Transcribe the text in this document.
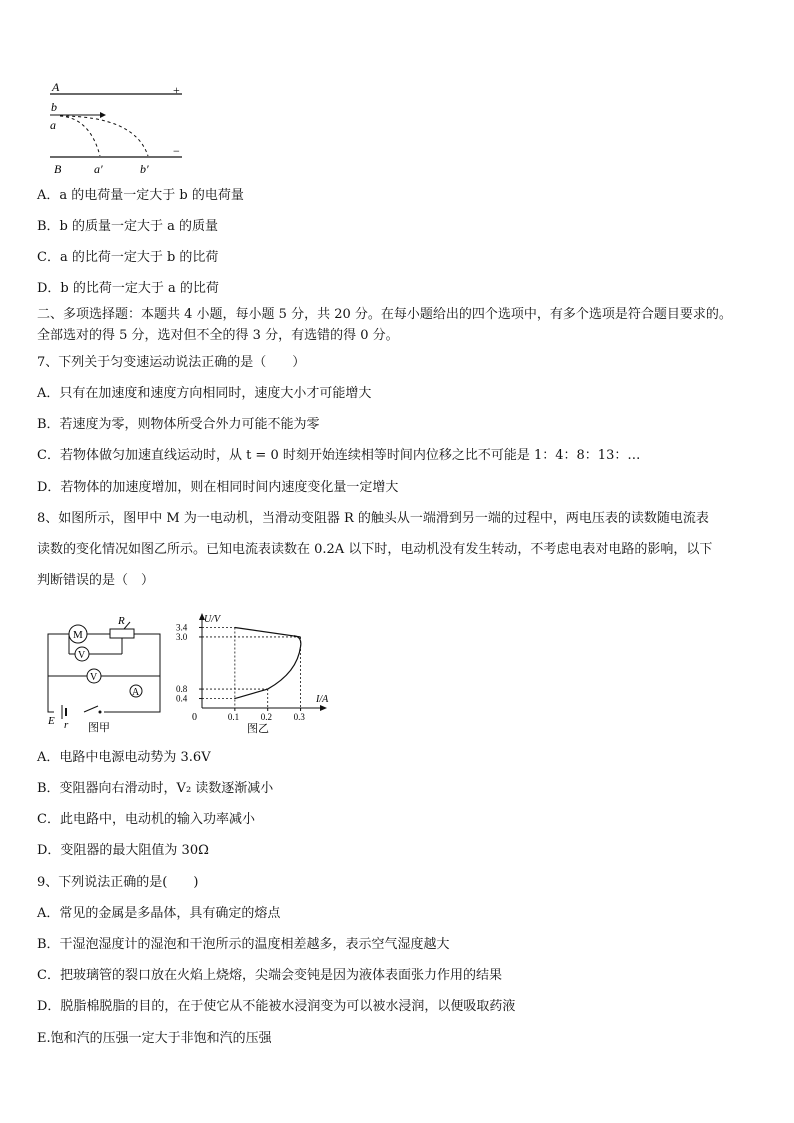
A	+
b
a
−
B	a′	b′
A．a 的电荷量一定大于 b 的电荷量
B．b 的质量一定大于 a 的质量
C．a 的比荷一定大于 b 的比荷
D．b 的比荷一定大于 a 的比荷
二、多项选择题：本题共 4 小题，每小题 5 分，共 20 分。在每小题给出的四个选项中，有多个选项是符合题目要求的。
全部选对的得 5 分，选对但不全的得 3 分，有选错的得 0 分。
7、下列关于匀变速运动说法正确的是（　　）
A．只有在加速度和速度方向相同时，速度大小才可能增大
B．若速度为零，则物体所受合外力可能不能为零
C．若物体做匀加速直线运动时，从 t = 0 时刻开始连续相等时间内位移之比不可能是 1：4：8：13：…
D．若物体的加速度增加，则在相同时间内速度变化量一定增大
8、如图所示，图甲中 M 为一电动机，当滑动变阻器 R 的触头从一端滑到另一端的过程中，两电压表的读数随电流表
读数的变化情况如图乙所示。已知电流表读数在 0.2A 以下时，电动机没有发生转动，不考虑电表对电路的影响，以下
判断错误的是（　）
M
R
V
V
A
E r 图甲
U/V
I/A
0
图乙
3.4
3.0
0.8
0.4
0.1 0.2 0.3
A．电路中电源电动势为 3.6V
B．变阻器向右滑动时，V₂ 读数逐渐减小
C．此电路中，电动机的输入功率减小
D．变阻器的最大阻值为 30Ω
9、下列说法正确的是(　　)
A．常见的金属是多晶体，具有确定的熔点
B．干湿泡湿度计的湿泡和干泡所示的温度相差越多，表示空气湿度越大
C．把玻璃管的裂口放在火焰上烧熔，尖端会变钝是因为液体表面张力作用的结果
D．脱脂棉脱脂的目的，在于使它从不能被水浸润变为可以被水浸润，以便吸取药液
E.饱和汽的压强一定大于非饱和汽的压强
